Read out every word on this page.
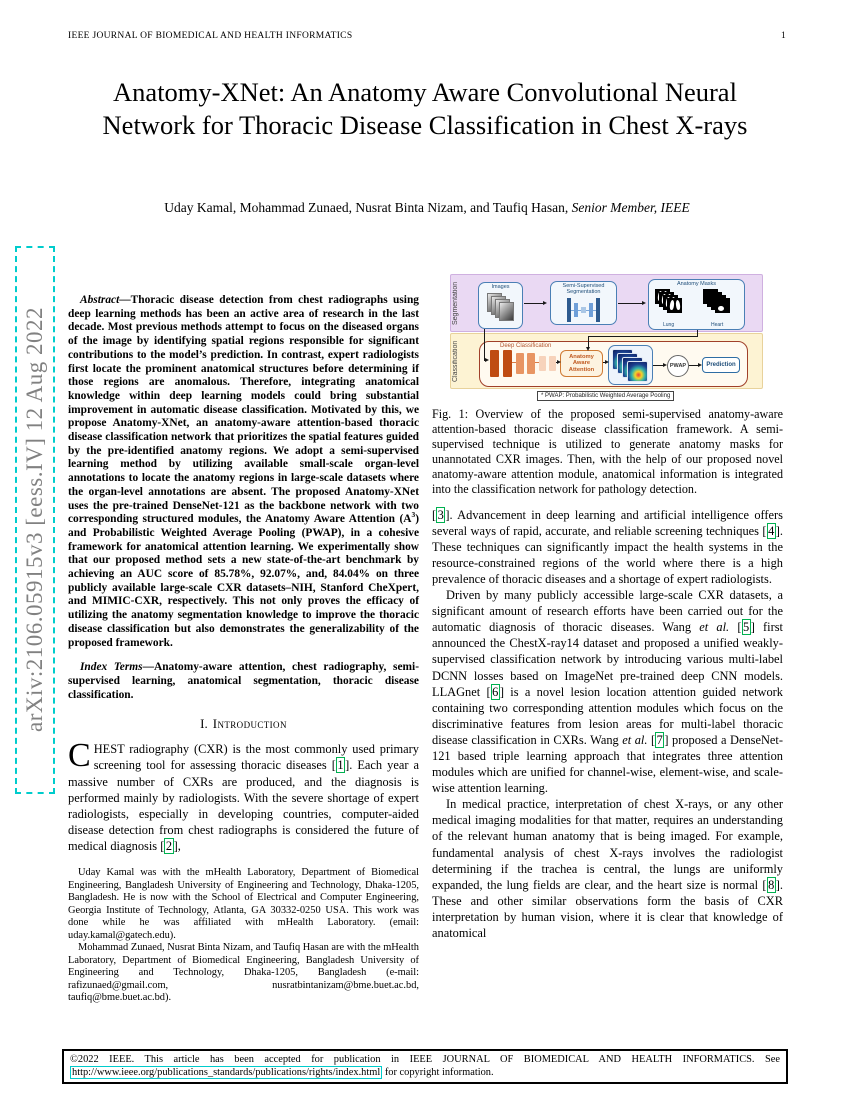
arXiv:2106.05915v3 [eess.IV] 12 Aug 2022
IEEE JOURNAL OF BIOMEDICAL AND HEALTH INFORMATICS	1
Anatomy-XNet: An Anatomy Aware Convolutional Neural Network for Thoracic Disease Classification in Chest X-rays
Uday Kamal, Mohammad Zunaed, Nusrat Binta Nizam, and Taufiq Hasan, Senior Member, IEEE

Abstract—Thoracic disease detection from chest radiographs using deep learning methods has been an active area of research in the last decade. Most previous methods attempt to focus on the diseased organs of the image by identifying spatial regions responsible for significant contributions to the model’s prediction. In contrast, expert radiologists first locate the prominent anatomical structures before determining if those regions are anomalous. Therefore, integrating anatomical knowledge within deep learning models could bring substantial improvement in automatic disease classification. Motivated by this, we propose Anatomy-XNet, an anatomy-aware attention-based thoracic disease classification network that prioritizes the spatial features guided by the pre-identified anatomy regions. We adopt a semi-supervised learning method by utilizing available small-scale organ-level annotations to locate the anatomy regions in large-scale datasets where the organ-level annotations are absent. The proposed Anatomy-XNet uses the pre-trained DenseNet-121 as the backbone network with two corresponding structured modules, the Anatomy Aware Attention $(A^3)$ and Probabilistic Weighted Average Pooling (PWAP), in a cohesive framework for anatomical attention learning. We experimentally show that our proposed method sets a new state-of-the-art benchmark by achieving an AUC score of 85.78%, 92.07%, and, 84.04% on three publicly available large-scale CXR datasets–NIH, Stanford CheXpert, and MIMIC-CXR, respectively. This not only proves the efficacy of utilizing the anatomy segmentation knowledge to improve the thoracic disease classification but also demonstrates the generalizability of the proposed framework.

Index Terms—Anatomy-aware attention, chest radiography, semi-supervised learning, anatomical segmentation, thoracic disease classification.

I. Introduction

CHEST radiography (CXR) is the most commonly used primary screening tool for assessing thoracic diseases [ 1 ]. Each year a massive number of CXRs are produced, and the diagnosis is performed mainly by radiologists. With the severe shortage of expert radiologists, especially in developing countries, computer-aided disease detection from chest radiographs is considered the future of medical diagnosis [ 2 ],

Uday Kamal was with the mHealth Laboratory, Department of Biomedical Engineering, Bangladesh University of Engineering and Technology, Dhaka-1205, Bangladesh. He is now with the School of Electrical and Computer Engineering, Georgia Institute of Technology, Atlanta, GA 30332-0250 USA. This work was done while he was affiliated with mHealth Laboratory. (email: uday.kamal@gatech.edu).

Mohammad Zunaed, Nusrat Binta Nizam, and Taufiq Hasan are with the mHealth Laboratory, Department of Biomedical Engineering, Bangladesh University of Engineering and Technology, Dhaka-1205, Bangladesh (e-mail: rafizunaed@gmail.com, nusratbintanizam@bme.buet.ac.bd, taufiq@bme.buet.ac.bd).

Segmentation
Classification
Images	Semi-Supervised Segmentation
Anatomy Masks
Lung	Heart
Deep Classification
Anatomy Aware Attention
PWAP	Prediction
* PWAP: Probabilistic Weighted Average Pooling

Fig. 1: Overview of the proposed semi-supervised anatomy-aware attention-based thoracic disease classification framework. A semi-supervised technique is utilized to generate anatomy masks for unannotated CXR images. Then, with the help of our proposed novel anatomy-aware attention module, anatomical information is integrated into the classification network for pathology detection.

[ 3 ]. Advancement in deep learning and artificial intelligence offers several ways of rapid, accurate, and reliable screening techniques [ 4 ]. These techniques can significantly impact the health systems in the resource-constrained regions of the world where there is a high prevalence of thoracic diseases and a shortage of expert radiologists.

Driven by many publicly accessible large-scale CXR datasets, a significant amount of research efforts have been carried out for the automatic diagnosis of thoracic diseases. Wang et al. [ 5 ] first announced the ChestX-ray14 dataset and proposed a unified weakly-supervised classification network by introducing various multi-label DCNN losses based on ImageNet pre-trained deep CNN models. LLAGnet [ 6 ] is a novel lesion location attention guided network containing two corresponding attention modules which focus on the discriminative features from lesion areas for multi-label thoracic disease classification in CXRs. Wang et al. [ 7 ] proposed a DenseNet-121 based triple learning approach that integrates three attention modules which are unified for channel-wise, element-wise, and scale-wise attention learning.

In medical practice, interpretation of chest X-rays, or any other medical imaging modalities for that matter, requires an understanding of the relevant human anatomy that is being imaged. For example, fundamental analysis of chest X-rays involves the radiologist determining if the trachea is central, the lungs are uniformly expanded, the lung fields are clear, and the heart size is normal [ 8 ]. These and other similar observations form the basis of CXR interpretation by human vision, where it is clear that knowledge of anatomical

©2022 IEEE. This article has been accepted for publication in IEEE JOURNAL OF BIOMEDICAL AND HEALTH INFORMATICS. See http://www.ieee.org/publications_standards/publications/rights/index.html for copyright information.
